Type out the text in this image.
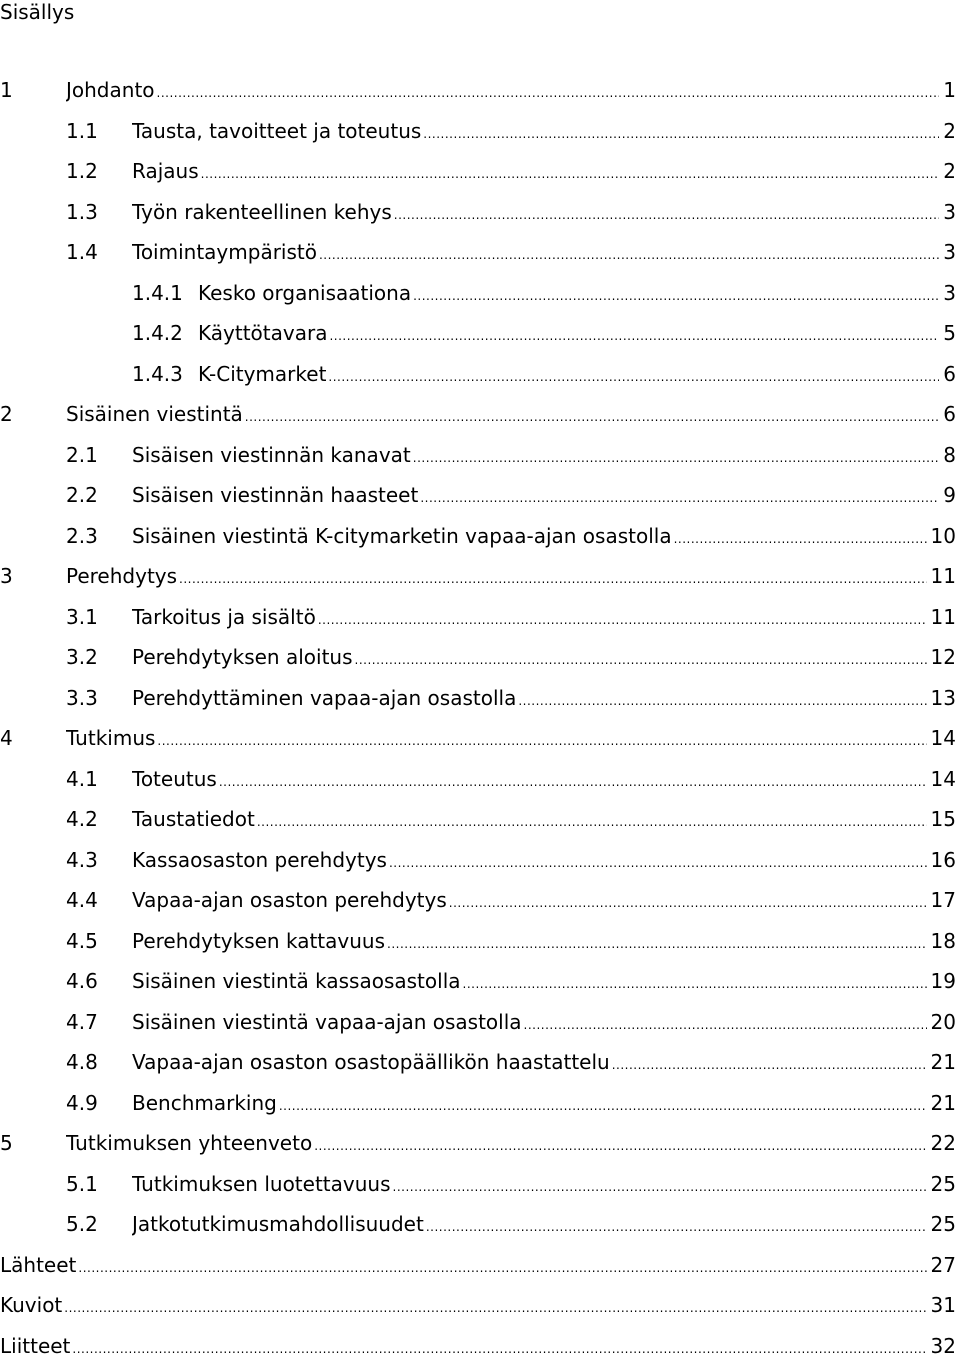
Sisällys
1	Johdanto .....	1
1.1 Tausta, tavoitteet ja toteutus .....	2
1.2 Rajaus .....	2
1.3 Työn rakenteellinen kehys .....	3
1.4 Toimintaympäristö .....	3
1.4.1 Kesko organisaationa .....	3
1.4.2 Käyttötavara .....	5
1.4.3 K-Citymarket .....	6
2	Sisäinen viestintä .....	6
2.1 Sisäisen viestinnän kanavat .....	8
2.2 Sisäisen viestinnän haasteet .....	9
2.3 Sisäinen viestintä K-citymarketin vapaa-ajan osastolla .....	10
3	Perehdytys .....	11
3.1 Tarkoitus ja sisältö .....	11
3.2 Perehdytyksen aloitus .....	12
3.3 Perehdyttäminen vapaa-ajan osastolla .....	13
4	Tutkimus .....	14
4.1 Toteutus .....	14
4.2 Taustatiedot .....	15
4.3 Kassaosaston perehdytys .....	16
4.4 Vapaa-ajan osaston perehdytys .....	17
4.5 Perehdytyksen kattavuus .....	18
4.6 Sisäinen viestintä kassaosastolla .....	19
4.7 Sisäinen viestintä vapaa-ajan osastolla .....	20
4.8 Vapaa-ajan osaston osastopäällikön haastattelu .....	21
4.9 Benchmarking .....	21
5	Tutkimuksen yhteenveto .....	22
5.1 Tutkimuksen luotettavuus .....	25
5.2 Jatkotutkimusmahdollisuudet .....	25
Lähteet .....	27
Kuviot .....	31
Liitteet .....	32
